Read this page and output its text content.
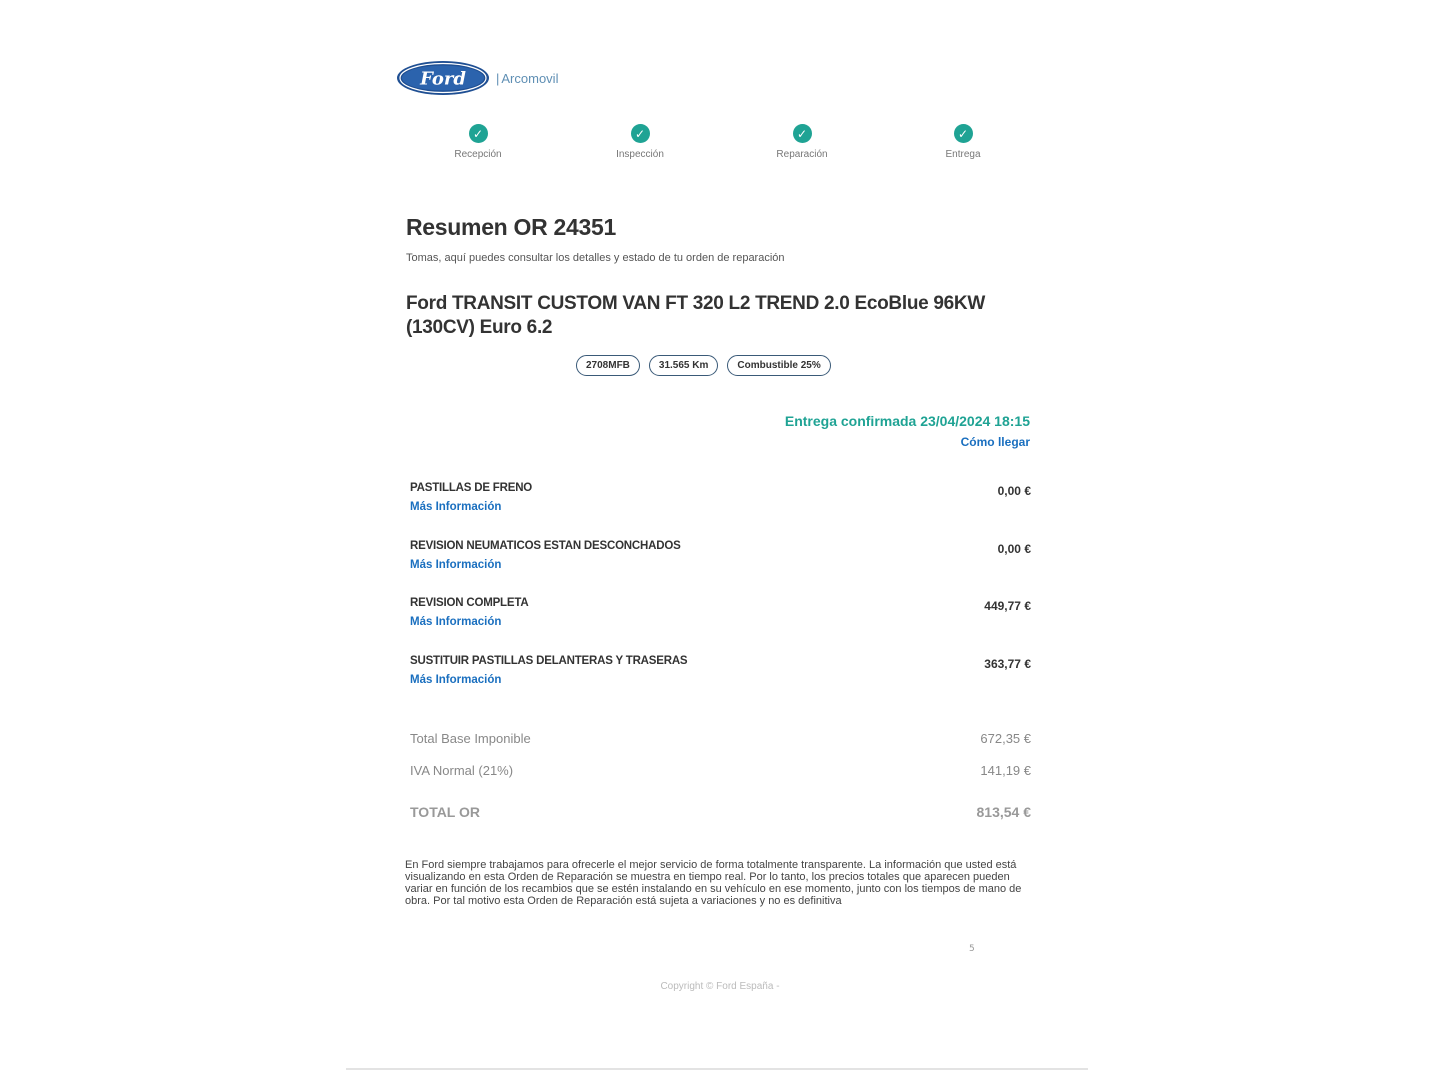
Ford | Arcomovil
✓
Recepción
✓
Inspección
✓
Reparación
✓
Entrega
Resumen OR 24351
Tomas, aquí puedes consultar los detalles y estado de tu orden de reparación
Ford TRANSIT CUSTOM VAN FT 320 L2 TREND 2.0 EcoBlue 96KW (130CV) Euro 6.2
2708MFB	31.565 Km	Combustible 25%
Entrega confirmada 23/04/2024 18:15
Cómo llegar
PASTILLAS DE FRENO
Más Información
0,00 €
REVISION NEUMATICOS ESTAN DESCONCHADOS
Más Información
0,00 €
REVISION COMPLETA
Más Información
449,77 €
SUSTITUIR PASTILLAS DELANTERAS Y TRASERAS
Más Información
363,77 €
Total Base Imponible	672,35 €
IVA Normal (21%)	141,19 €
TOTAL OR	813,54 €
En Ford siempre trabajamos para ofrecerle el mejor servicio de forma totalmente transparente. La información que usted está visualizando en esta Orden de Reparación se muestra en tiempo real. Por lo tanto, los precios totales que aparecen pueden variar en función de los recambios que se estén instalando en su vehículo en ese momento, junto con los tiempos de mano de obra. Por tal motivo esta Orden de Reparación está sujeta a variaciones y no es definitiva
5
Copyright © Ford España -
